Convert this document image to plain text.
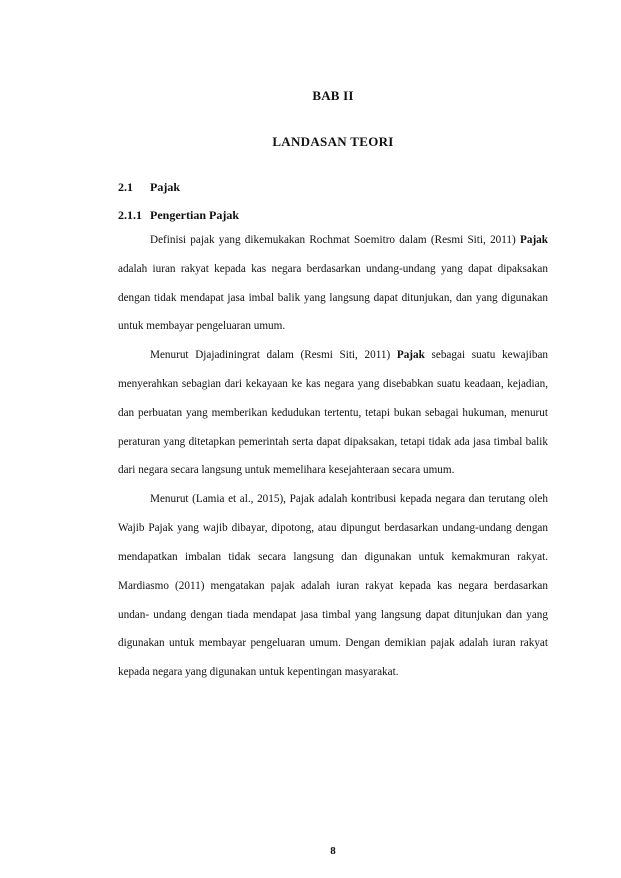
BAB II
LANDASAN TEORI
2.1 Pajak
2.1.1 Pengertian Pajak

Definisi pajak yang dikemukakan Rochmat Soemitro dalam (Resmi Siti, 2011) Pajak adalah iuran rakyat kepada kas negara berdasarkan undang-undang yang dapat dipaksakan dengan tidak mendapat jasa imbal balik yang langsung dapat ditunjukan, dan yang digunakan untuk membayar pengeluaran umum.

Menurut Djajadiningrat dalam (Resmi Siti, 2011) Pajak sebagai suatu kewajiban menyerahkan sebagian dari kekayaan ke kas negara yang disebabkan suatu keadaan, kejadian, dan perbuatan yang memberikan kedudukan tertentu, tetapi bukan sebagai hukuman, menurut peraturan yang ditetapkan pemerintah serta dapat dipaksakan, tetapi tidak ada jasa timbal balik dari negara secara langsung untuk memelihara kesejahteraan secara umum.

Menurut (Lamia et al., 2015), Pajak adalah kontribusi kepada negara dan terutang oleh Wajib Pajak yang wajib dibayar, dipotong, atau dipungut berdasarkan undang-undang dengan mendapatkan imbalan tidak secara langsung dan digunakan untuk kemakmuran rakyat. Mardiasmo (2011) mengatakan pajak adalah iuran rakyat kepada kas negara berdasarkan undan- undang dengan tiada mendapat jasa timbal yang langsung dapat ditunjukan dan yang digunakan untuk membayar pengeluaran umum. Dengan demikian pajak adalah iuran rakyat kepada negara yang digunakan untuk kepentingan masyarakat.

8
